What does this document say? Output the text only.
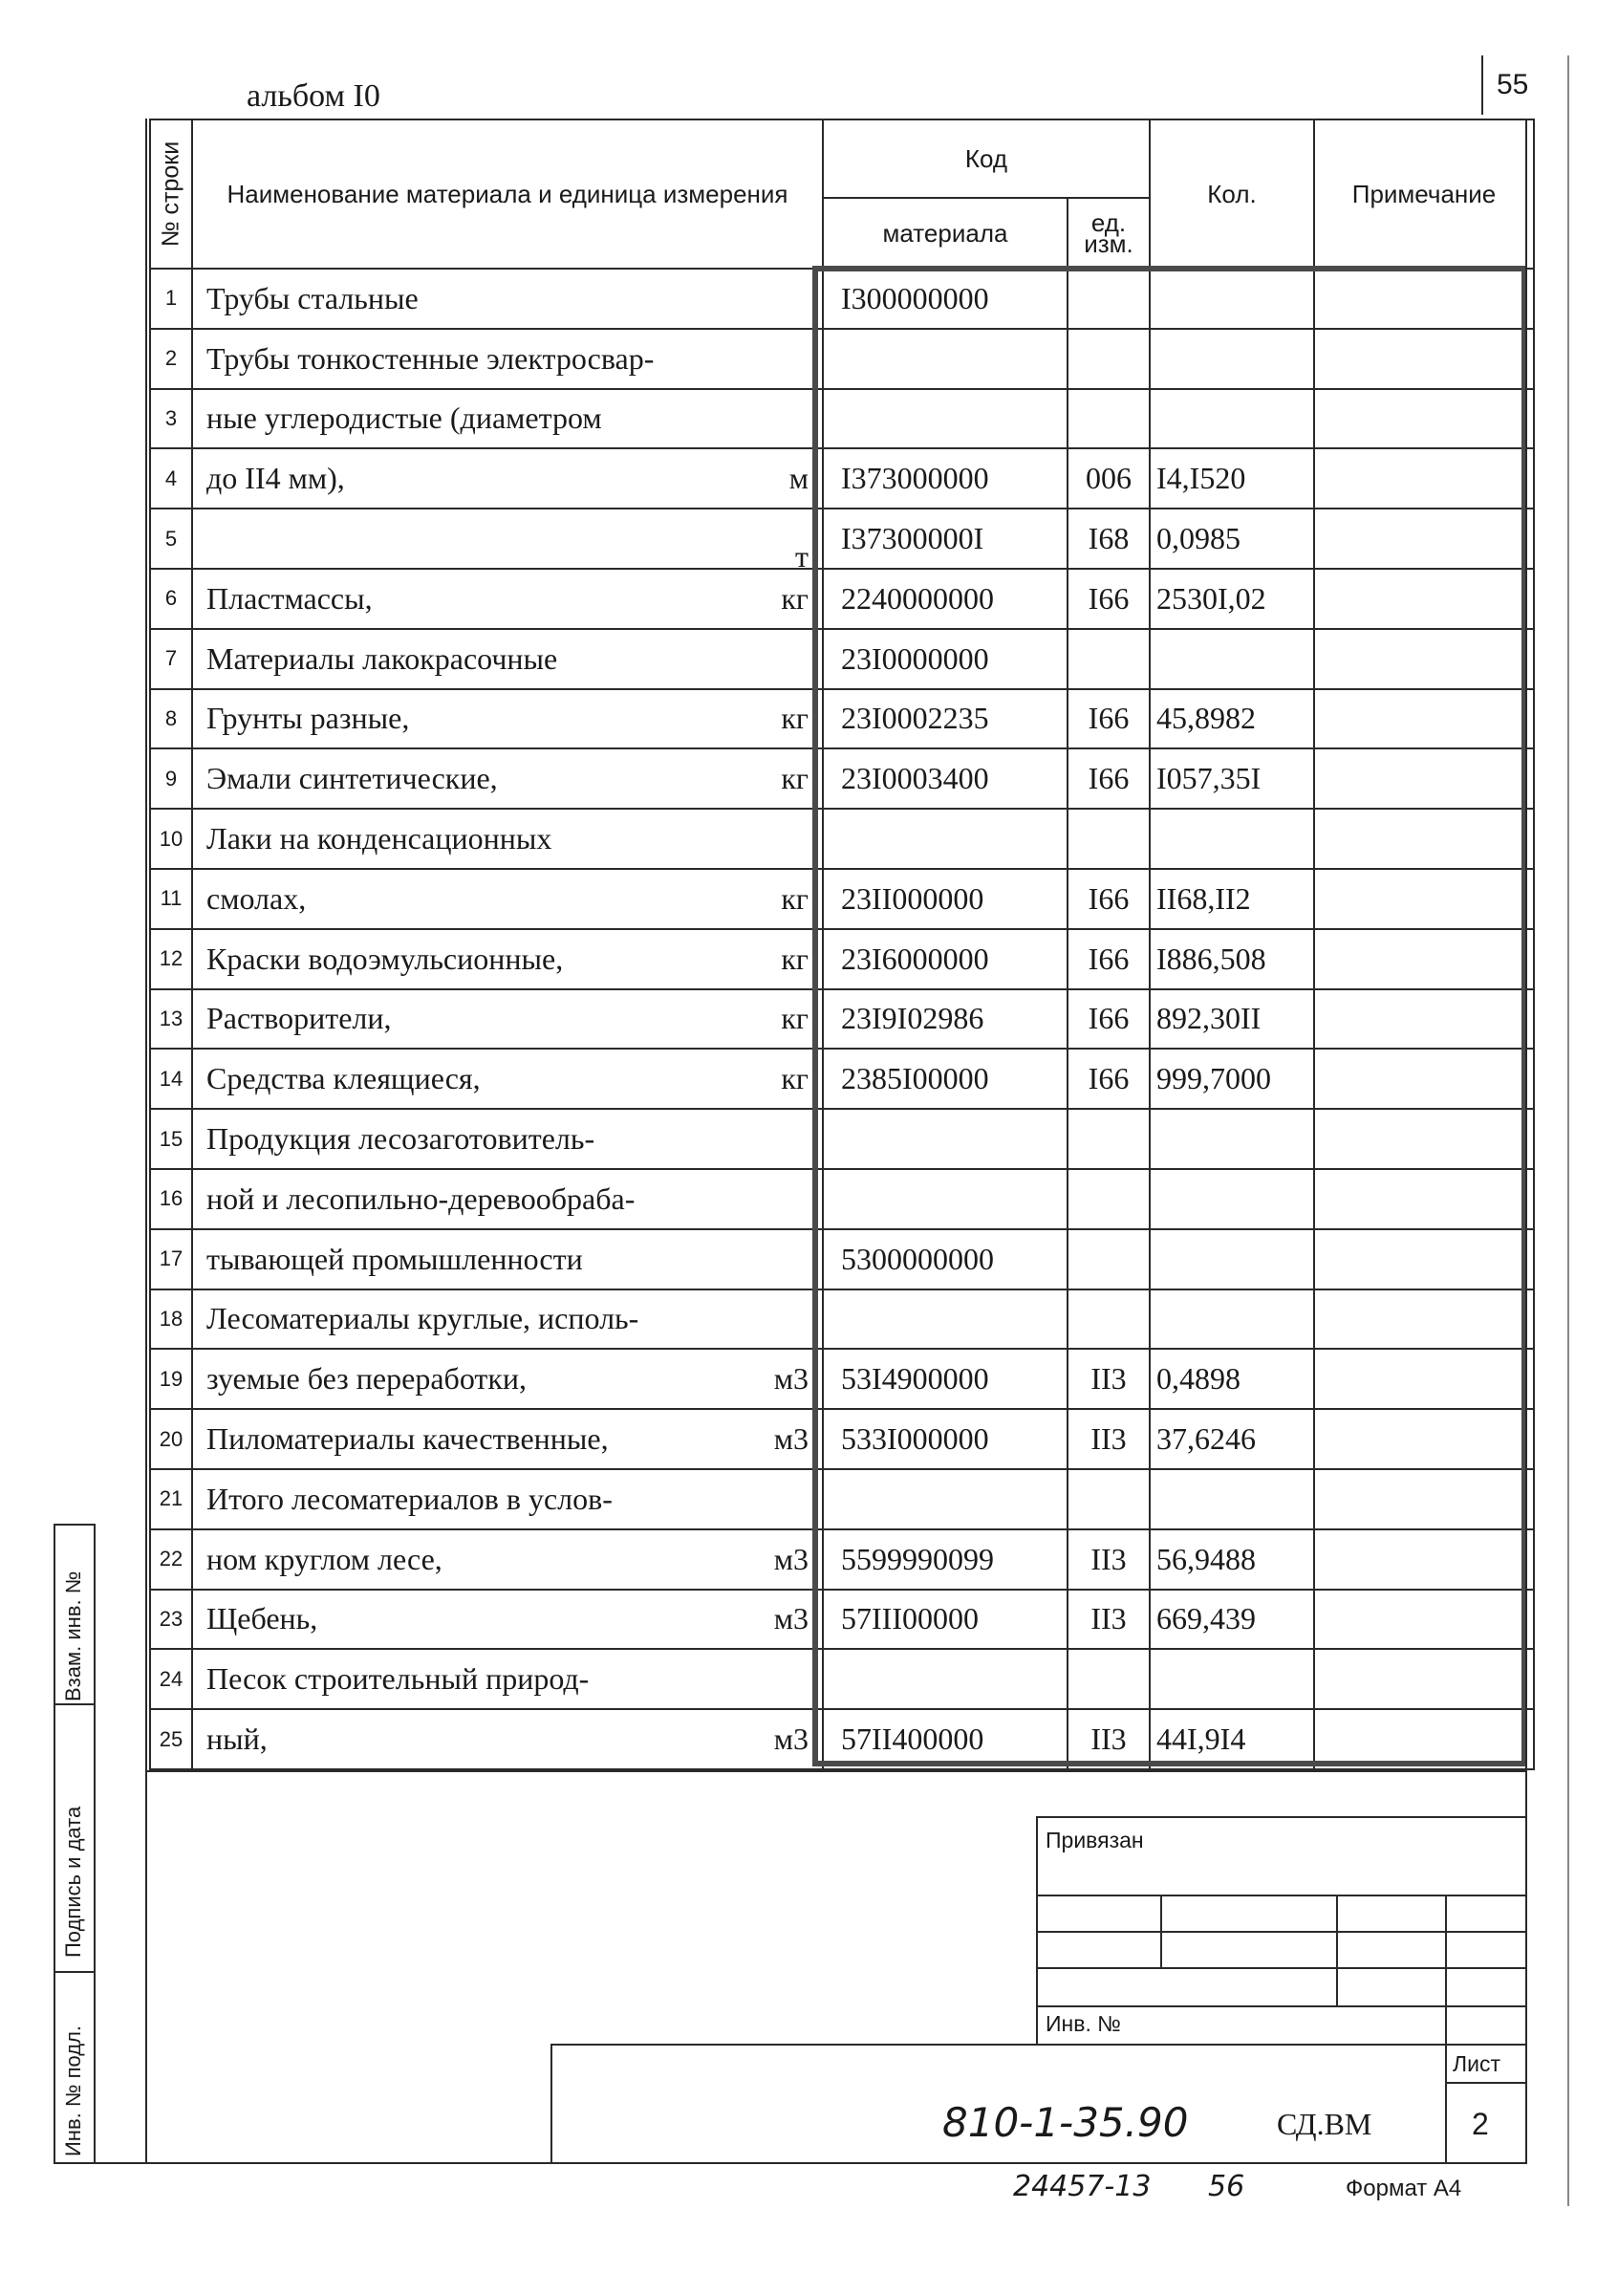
альбом I0	55
№ строки	Наименование материала и единица измерения	Код		Кол.	Примечание
		материала	ед. изм.		
1	Трубы стальные	I300000000			
2	Трубы тонкостенные электросвар-

3	ные углеродистые (диаметром

4	до II4 мм), м	I373000000	006	I4,I520	
5	т	I37300000I	I68	0,0985	
6	Пластмассы, кг	2240000000	I66	2530I,02	
7	Материалы лакокрасочные	23I0000000			
8	Грунты разные, кг	23I0002235	I66	45,8982	
9	Эмали синтетические, кг	23I0003400	I66	I057,35I	
10	Лаки на конденсационных

11	смолах, кг	23II000000	I66	II68,II2	
12	Краски водоэмульсионные, кг	23I6000000	I66	I886,508	
13	Растворители, кг	23I9I02986	I66	892,30II	
14	Средства клеящиеся, кг	2385I00000	I66	999,7000	
15	Продукция лесозаготовитель-

16	ной и лесопильно-деревообраба-

17	тывающей промышленности	5300000000			
18	Лесоматериалы круглые, исполь-

19	зуемые без переработки, м3	53I4900000	II3	0,4898	
20	Пиломатериалы качественные, м3	533I000000	II3	37,6246	
21	Итого лесоматериалов в услов-

22	ном круглом лесе, м3	5599990099	II3	56,9488	
23	Щебень, м3	57III00000	II3	669,439	
24	Песок строительный природ-

25	ный, м3	57II400000	II3	44I,9I4	
Взам. инв. №
Подпись и дата
Инв. № подл.
Привязан
Инв. №
Лист
810-1-35.90	СД.ВМ	2
24457-13 56	Формат А4
